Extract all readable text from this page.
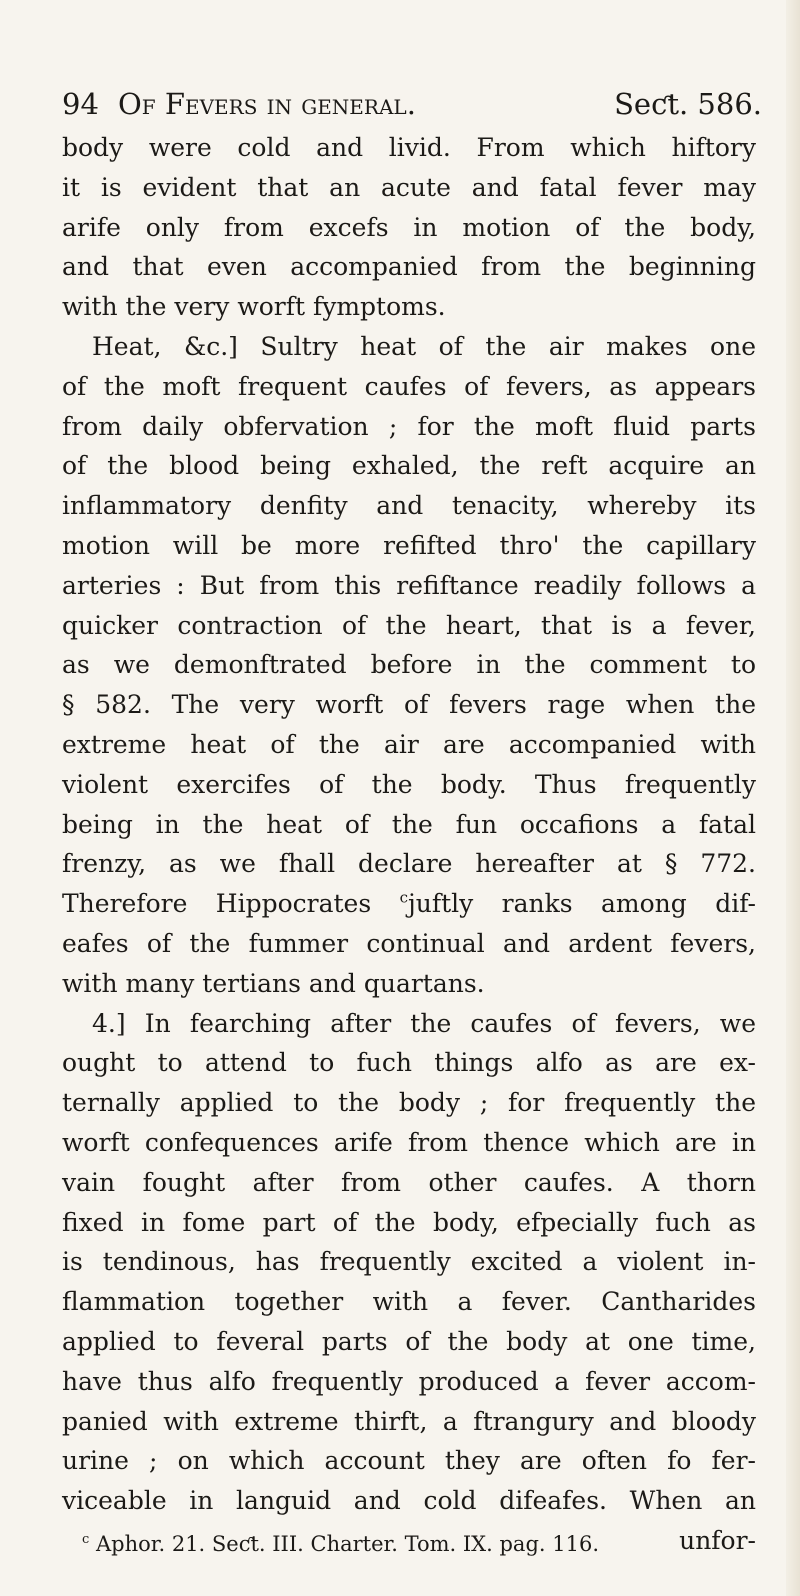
94 Of Fevers in general.	Seƈt. 586.
body were cold and livid. From which hiftory
it is evident that an acute and fatal fever may
arife only from excefs in motion of the body,
and that even accompanied from the beginning
with the very worft fymptoms.
Heat, &c.] Sultry heat of the air makes one
of the moft frequent caufes of fevers, as appears
from daily obfervation ; for the moft fluid parts
of the blood being exhaled, the reft acquire an
inflammatory denfity and tenacity, whereby its
motion will be more refifted thro' the capillary
arteries : But from this refiftance readily follows a
quicker contraction of the heart, that is a fever,
as we demonftrated before in the comment to
§ 582. The very worft of fevers rage when the
extreme heat of the air are accompanied with
violent exercifes of the body. Thus frequently
being in the heat of the fun occafions a fatal
frenzy, as we fhall declare hereafter at § 772.
Therefore Hippocrates $^c$juftly ranks among dif-
eafes of the fummer continual and ardent fevers,
with many tertians and quartans.
4.] In fearching after the caufes of fevers, we
ought to attend to fuch things alfo as are ex-
ternally applied to the body ; for frequently the
worft confequences arife from thence which are in
vain fought after from other caufes. A thorn
fixed in fome part of the body, efpecially fuch as
is tendinous, has frequently excited a violent in-
flammation together with a fever. Cantharides
applied to feveral parts of the body at one time,
have thus alfo frequently produced a fever accom-
panied with extreme thirft, a ftrangury and bloody
urine ; on which account they are often fo fer-
viceable in languid and cold difeafes. When an
unfor-
$^c$ Aphor. 21. Seƈt. III. Charter. Tom. IX. pag. 116.
